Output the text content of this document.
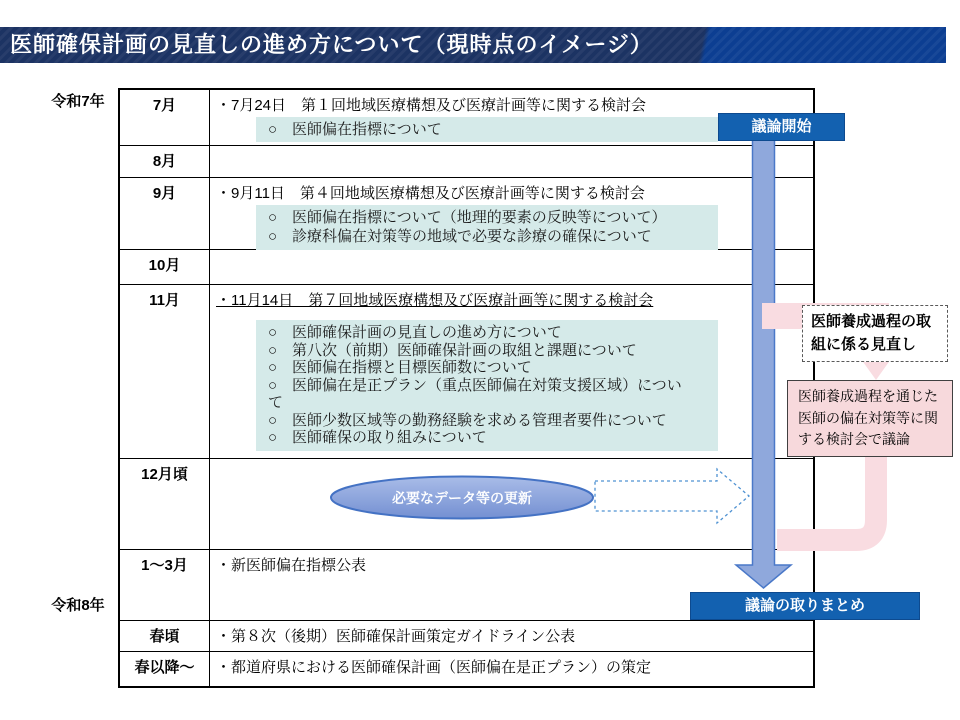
医師確保計画の見直しの進め方について（現時点のイメージ）
令和7年
令和8年
7月	・7月24日　第１回地域医療構想及び医療計画等に関する検討会
○　医師偏在指標について
8月
9月	・9月11日　第４回地域医療構想及び医療計画等に関する検討会
○　医師偏在指標について（地理的要素の反映等について）
○　診療科偏在対策等の地域で必要な診療の確保について
10月
11月	・11月14日　第７回地域医療構想及び医療計画等に関する検討会
○　医師確保計画の見直しの進め方について
○　第八次（前期）医師確保計画の取組と課題について
○　医師偏在指標と目標医師数について
○　医師偏在是正プラン（重点医師偏在対策支援区域）について
○　医師少数区域等の勤務経験を求める管理者要件について
○　医師確保の取り組みについて
12月頃
1～3月	・新医師偏在指標公表
春頃	・第８次（後期）医師確保計画策定ガイドライン公表
春以降～	・都道府県における医師確保計画（医師偏在是正プラン）の策定
医師養成過程の取組に係る見直し
医師養成過程を通じた医師の偏在対策等に関する検討会で議論
必要なデータ等の更新
議論開始
議論の取りまとめ
